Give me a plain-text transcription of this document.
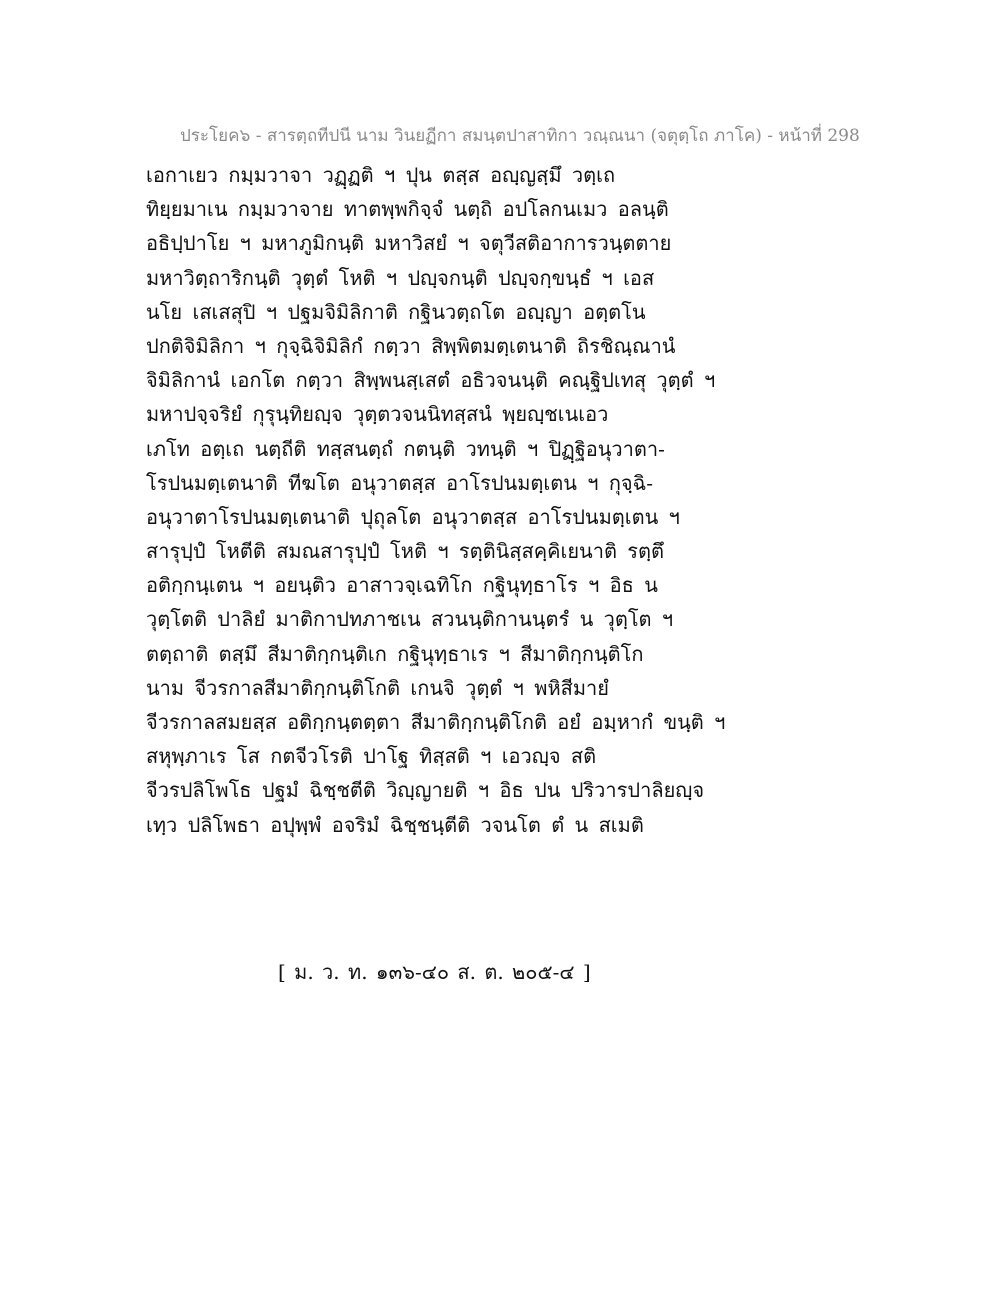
ประโยค๖ - สารตฺถทีปนี นาม วินยฏีกา สมนฺตปาสาทิกา วณฺณนา (จตุตฺโถ ภาโค) - หน้าที่ 298
เอกาเยว กมฺมวาจา วฏฺฏติ ฯ ปุน ตสฺส อญฺญสฺมึ วตฺเถ
ทิยฺยมาเน กมฺมวาจาย ทาตพฺพกิจฺจํ นตฺถิ อปโลกนเมว อลนฺติ
อธิปฺปาโย ฯ มหาภูมิกนฺติ มหาวิสยํ ฯ จตุวีสติอาการวนฺตตาย
มหาวิตฺถาริกนฺติ วุตฺตํ โหติ ฯ ปญฺจกนฺติ ปญฺจกฺขนฺธํ ฯ เอส
นโย เสเสสุปิ ฯ ปฐมจิมิลิกาติ กฐินวตฺถโต อญฺญา อตฺตโน
ปกติจิมิลิกา ฯ กุจฺฉิจิมิลิกํ กตฺวา สิพฺพิตมตฺเตนาติ ถิรชิณฺณานํ
จิมิลิกานํ เอกโต กตฺวา สิพฺพนสฺเสตํ อธิวจนนฺติ คณฺฐิปเทสุ วุตฺตํ ฯ
มหาปจฺจริยํ กุรุนฺทิยญฺจ วุตฺตวจนนิทสฺสนํ พฺยญฺชเนเอว
เภโท อตฺเถ นตฺถีติ ทสฺสนตฺถํ กตนฺติ วทนฺติ ฯ ปิฏฺฐิอนุวาตา-
โรปนมตฺเตนาติ ทีฆโต อนุวาตสฺส อาโรปนมตฺเตน ฯ กุจฺฉิ-
อนุวาตาโรปนมตฺเตนาติ ปุถุลโต อนุวาตสฺส อาโรปนมตฺเตน ฯ
สารุปฺปํ โหตีติ สมณสารุปฺปํ โหติ ฯ รตฺตินิสฺสคฺคิเยนาติ รตฺตึ
อติกฺกนฺเตน ฯ อยนฺติว อาสาวจฺเฉทิโก กฐินุทฺธาโร ฯ อิธ น
วุตฺโตติ ปาลิยํ มาติกาปทภาชเน สวนนฺติกานนฺตรํ น วุตฺโต ฯ
ตตฺถาติ ตสฺมึ สีมาติกฺกนฺติเก กฐินุทฺธาเร ฯ สีมาติกฺกนฺติโก
นาม จีวรกาลสีมาติกฺกนฺติโกติ เกนจิ วุตฺตํ ฯ พหิสีมายํ
จีวรกาลสมยสฺส อติกฺกนฺตตฺตา สีมาติกฺกนฺติโกติ อยํ อมฺหากํ ขนฺติ ฯ
สหุพฺภาเร โส กตจีวโรติ ปาโฐ ทิสฺสติ ฯ เอวญฺจ สติ
จีวรปลิโพโธ ปฐมํ ฉิชฺชตีติ วิญฺญายติ ฯ อิธ ปน ปริวารปาลิยญฺจ
เทฺว ปลิโพธา อปุพฺพํ อจริมํ ฉิชฺชนฺตีติ วจนโต ตํ น สเมติ
[ ม. ว. ท. ๑๓๖-๔๐ ส. ต. ๒๐๕-๔ ]
